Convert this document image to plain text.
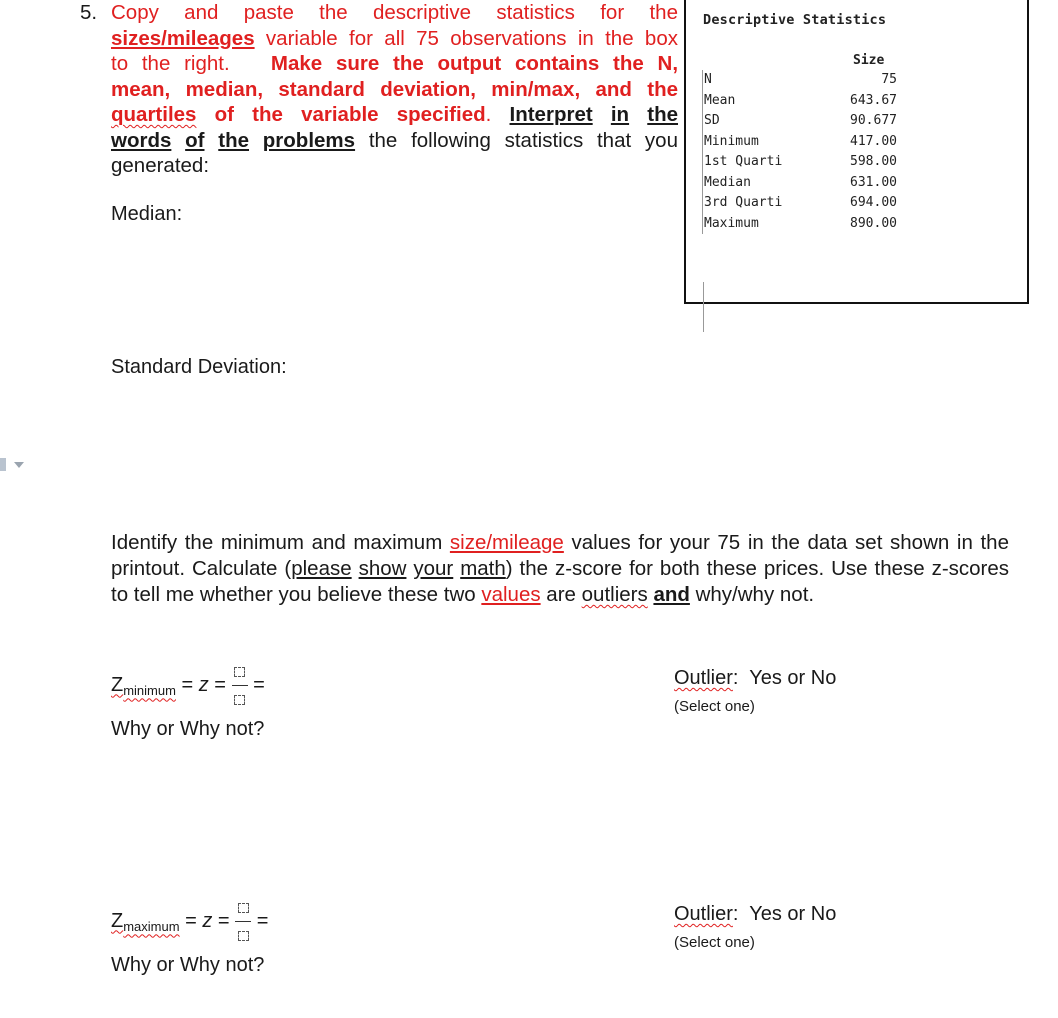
5. Copy and paste the descriptive statistics for the
sizes/mileages variable for all 75 observations in the box
to the right. Make sure the output contains the N,
mean, median, standard deviation, min/max, and the
quartiles of the variable specified. Interpret in the
words of the problems the following statistics that you
generated:
Descriptive Statistics
Size
N	75
Mean	643.67
SD	90.677
Minimum	417.00
1st Quarti	598.00
Median	631.00
3rd Quarti	694.00
Maximum	890.00
Median:
Standard Deviation:
Identify the minimum and maximum size/mileage values for your 75 in the data set shown in the printout. Calculate (please show your math) the z-score for both these prices. Use these z-scores to tell me whether you believe these two values are outliers and why/why not.
$Z_{minimum} = z$ =

=	Outlier:  Yes or No
(Select one)
Why or Why not?
$Z_{maximum} = z$ =

=	Outlier:  Yes or No
(Select one)
Why or Why not?
